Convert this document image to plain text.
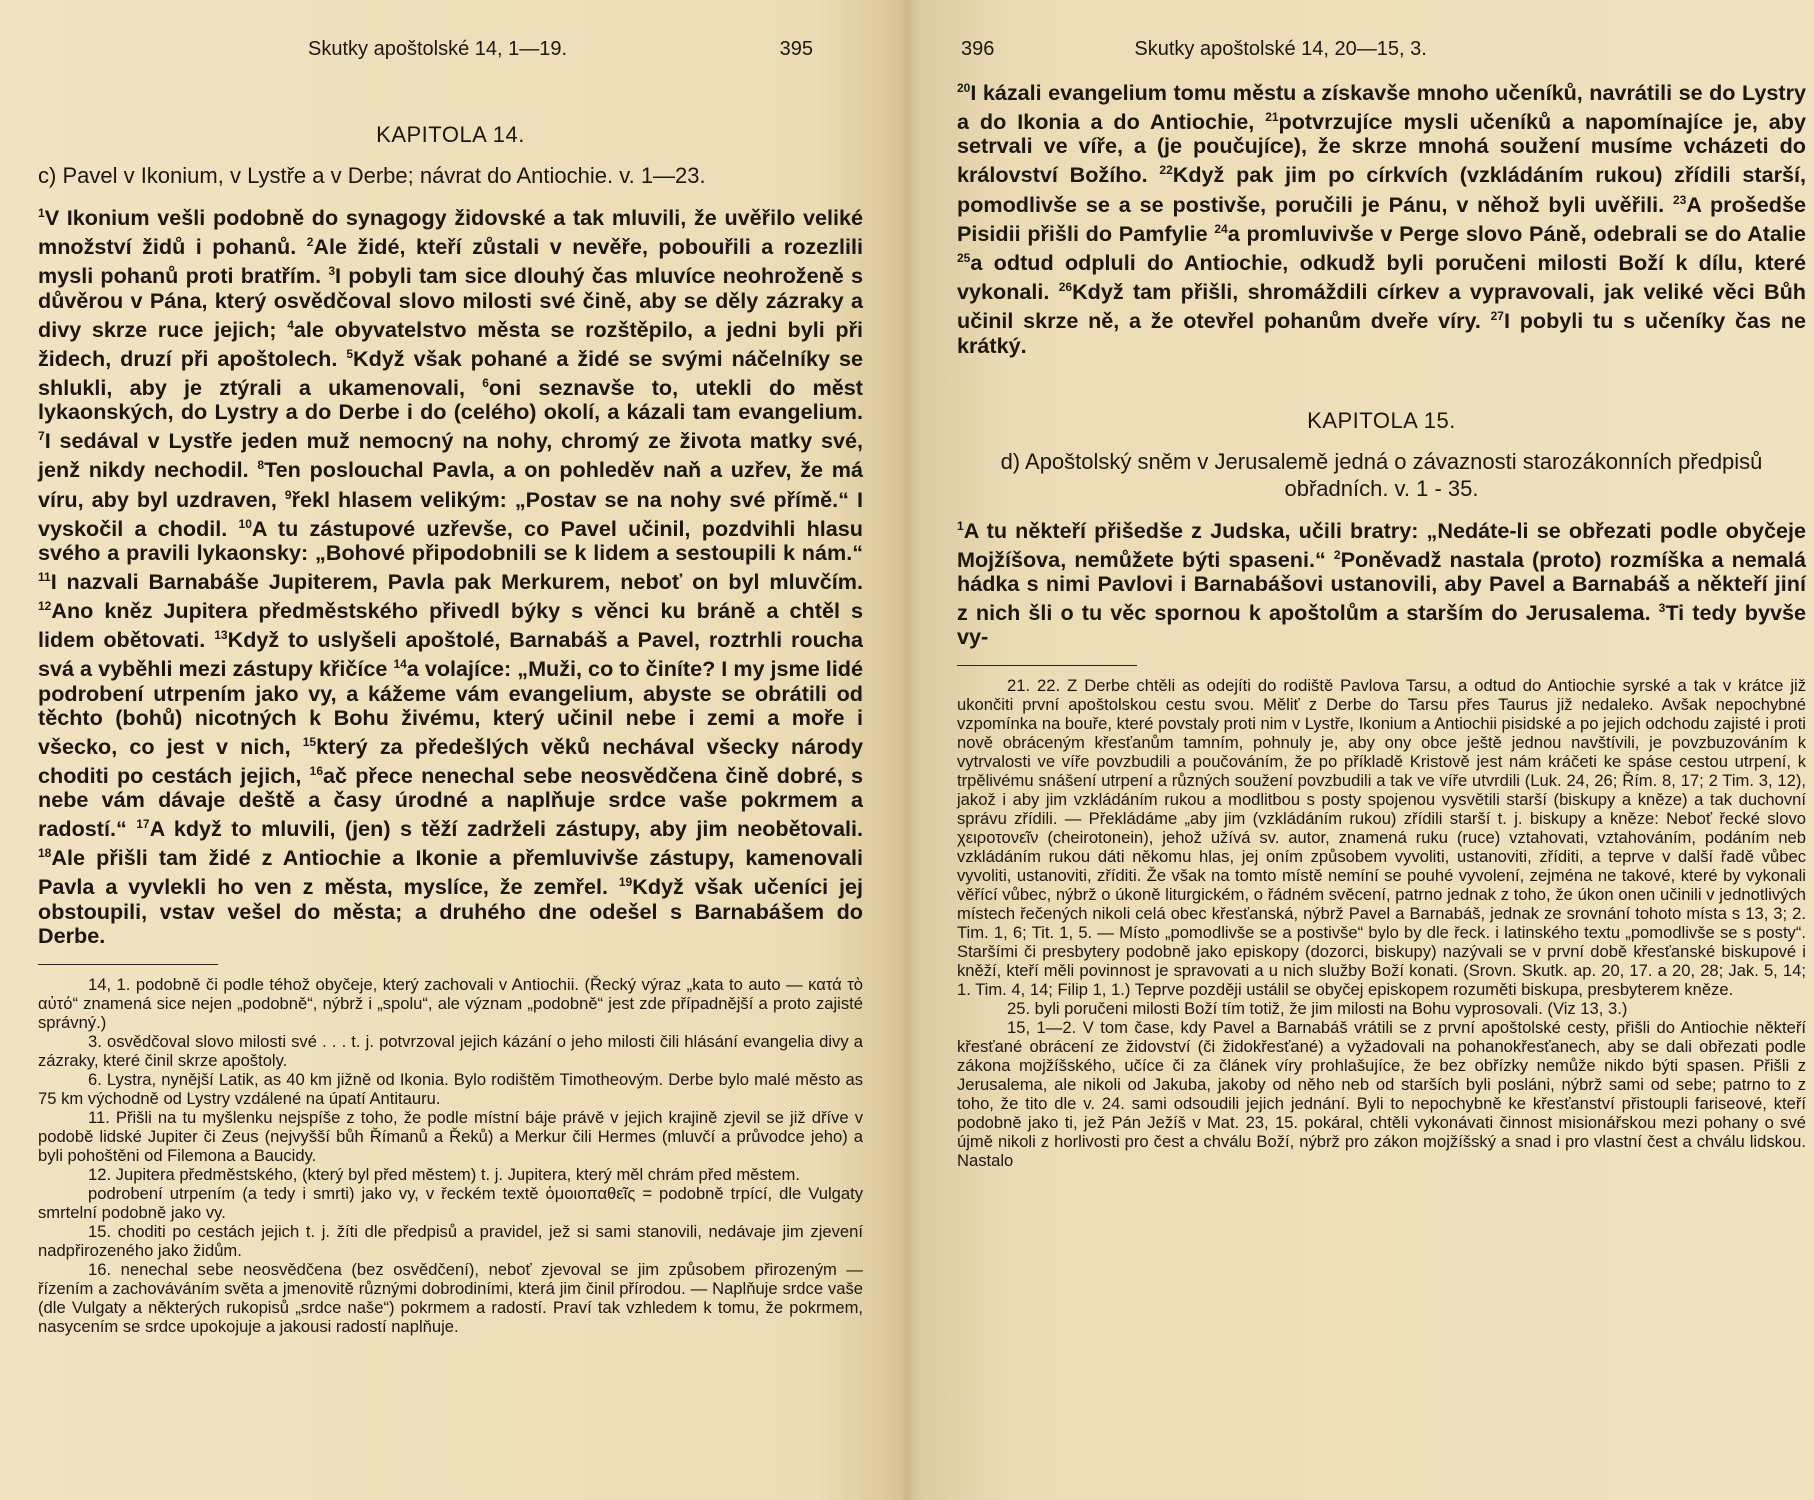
Skutky apoštolské 14, 1—19.	395
KAPITOLA 14.
c) Pavel v Ikonium, v Lystře a v Derbe; návrat do Antiochie. v. 1—23.
$^1$V Ikonium vešli podobně do synagogy židovské a tak mluvili, že uvěřilo veliké množství židů i pohanů. $^2$Ale židé, kteří zůstali v nevěře, pobouřili a rozezlili mysli pohanů proti bratřím. $^3$I pobyli tam sice dlouhý čas mluvíce neohroženě s důvěrou v Pána, který osvědčoval slovo milosti své čině, aby se děly zázraky a divy skrze ruce jejich; $^4$ale obyvatelstvo města se rozštěpilo, a jedni byli při židech, druzí při apoštolech. $^5$Když však pohané a židé se svými náčelníky se shlukli, aby je ztýrali a ukamenovali, $^6$oni seznavše to, utekli do měst lykaonských, do Lystry a do Derbe i do (celého) okolí, a kázali tam evangelium. $^7$I sedával v Lystře jeden muž nemocný na nohy, chromý ze života matky své, jenž nikdy nechodil. $^8$Ten poslouchal Pavla, a on pohleděv naň a uzřev, že má víru, aby byl uzdraven, $^9$řekl hlasem velikým: „Postav se na nohy své přímě.“ I vyskočil a chodil. $^{10}$A tu zástupové uzřevše, co Pavel učinil, pozdvihli hlasu svého a pravili lykaonsky: „Bohové připodobnili se k lidem a sestoupili k nám.“ $^{11}$I nazvali Barnabáše Jupiterem, Pavla pak Merkurem, neboť on byl mluvčím. $^{12}$Ano kněz Jupitera předměstského přivedl býky s věnci ku bráně a chtěl s lidem obětovati. $^{13}$Když to uslyšeli apoštolé, Barnabáš a Pavel, roztrhli roucha svá a vyběhli mezi zástupy křičíce $^{14}$a volajíce: „Muži, co to činíte? I my jsme lidé podrobení utrpením jako vy, a kážeme vám evangelium, abyste se obrátili od těchto (bohů) nicotných k Bohu živému, který učinil nebe i zemi a moře i všecko, co jest v nich, $^{15}$který za předešlých věků nechával všecky národy choditi po cestách jejich, $^{16}$ač přece nenechal sebe neosvědčena čině dobré, s nebe vám dávaje deště a časy úrodné a naplňuje srdce vaše pokrmem a radostí.“ $^{17}$A když to mluvili, (jen) s těží zadrželi zástupy, aby jim neobětovali. $^{18}$Ale přišli tam židé z Antiochie a Ikonie a přemluvivše zástupy, kamenovali Pavla a vyvlekli ho ven z města, myslíce, že zemřel. $^{19}$Když však učeníci jej obstoupili, vstav vešel do města; a druhého dne odešel s Barnabášem do Derbe.

14, 1. podobně či podle téhož obyčeje, který zachovali v Antiochii. (Řecký výraz „kata to auto — κατά τὸ αὐτό“ znamená sice nejen „podobně“, nýbrž i „spolu“, ale význam „podobně“ jest zde případnější a proto zajisté správný.)

3. osvědčoval slovo milosti své . . . t. j. potvrzoval jejich kázání o jeho milosti čili hlásání evangelia divy a zázraky, které činil skrze apoštoly.

6. Lystra, nynější Latik, as 40 km jižně od Ikonia. Bylo rodištěm Timotheovým. Derbe bylo malé město as 75 km východně od Lystry vzdálené na úpatí Antitauru.

11. Přišli na tu myšlenku nejspíše z toho, že podle místní báje právě v jejich krajině zjevil se již dříve v podobě lidské Jupiter či Zeus (nejvyšší bůh Římanů a Řeků) a Merkur čili Hermes (mluvčí a průvodce jeho) a byli pohoštěni od Filemona a Baucidy.

12. Jupitera předměstského, (který byl před městem) t. j. Jupitera, který měl chrám před městem.

podrobení utrpením (a tedy i smrti) jako vy, v řeckém textě ὁμοιοπαθεῖς = podobně trpící, dle Vulgaty smrtelní podobně jako vy.

15. choditi po cestách jejich t. j. žíti dle předpisů a pravidel, jež si sami stanovili, nedávaje jim zjevení nadpřirozeného jako židům.

16. nenechal sebe neosvědčena (bez osvědčení), neboť zjevoval se jim způsobem přirozeným — řízením a zachováváním světa a jmenovitě různými dobrodiními, která jim činil přírodou. — Naplňuje srdce vaše (dle Vulgaty a některých rukopisů „srdce naše“) pokrmem a radostí. Praví tak vzhledem k tomu, že pokrmem, nasycením se srdce upokojuje a jakousi radostí naplňuje.

396	Skutky apoštolské 14, 20—15, 3.
$^{20}$I kázali evangelium tomu městu a získavše mnoho učeníků, navrátili se do Lystry a do Ikonia a do Antiochie, $^{21}$potvrzujíce mysli učeníků a napomínajíce je, aby setrvali ve víře, a (je poučujíce), že skrze mnohá soužení musíme vcházeti do království Božího. $^{22}$Když pak jim po církvích (vzkládáním rukou) zřídili starší, pomodlivše se a se postivše, poručili je Pánu, v něhož byli uvěřili. $^{23}$A prošedše Pisidii přišli do Pamfylie $^{24}$a promluvivše v Perge slovo Páně, odebrali se do Atalie $^{25}$a odtud odpluli do Antiochie, odkudž byli poručeni milosti Boží k dílu, které vykonali. $^{26}$Když tam přišli, shromáždili církev a vypravovali, jak veliké věci Bůh učinil skrze ně, a že otevřel pohanům dveře víry. $^{27}$I pobyli tu s učeníky čas ne krátký.
KAPITOLA 15.
d) Apoštolský sněm v Jerusalemě jedná o závaznosti starozákonních předpisů obřadních. v. 1 - 35.
$^1$A tu někteří přišedše z Judska, učili bratry: „Nedáte-li se obřezati podle obyčeje Mojžíšova, nemůžete býti spaseni.“ $^2$Poněvadž nastala (proto) rozmíška a nemalá hádka s nimi Pavlovi i Barnabášovi ustanovili, aby Pavel a Barnabáš a někteří jiní z nich šli o tu věc spornou k apoštolům a starším do Jerusalema. $^3$Ti tedy byvše vy-

21. 22. Z Derbe chtěli as odejíti do rodiště Pavlova Tarsu, a odtud do Antiochie syrské a tak v krátce již ukončiti první apoštolskou cestu svou. Měliť z Derbe do Tarsu přes Taurus již nedaleko. Avšak nepochybné vzpomínka na bouře, které povstaly proti nim v Lystře, Ikonium a Antiochii pisidské a po jejich odchodu zajisté i proti nově obráceným křesťanům tamním, pohnuly je, aby ony obce ještě jednou navštívili, je povzbuzováním k vytrvalosti ve víře povzbudili a poučováním, že po příkladě Kristově jest nám kráčeti ke spáse cestou utrpení, k trpělivému snášení utrpení a různých soužení povzbudili a tak ve víře utvrdili (Luk. 24, 26; Řím. 8, 17; 2 Tim. 3, 12), jakož i aby jim vzkládáním rukou a modlitbou s posty spojenou vysvětili starší (biskupy a kněze) a tak duchovní správu zřídili. — Překládáme „aby jim (vzkládáním rukou) zřídili starší t. j. biskupy a kněze: Neboť řecké slovo χειροτονεῖν (cheirotonein), jehož užívá sv. autor, znamená ruku (ruce) vztahovati, vztahováním, podáním neb vzkládáním rukou dáti někomu hlas, jej oním způsobem vyvoliti, ustanoviti, zříditi, a teprve v další řadě vůbec vyvoliti, ustanoviti, zříditi. Že však na tomto místě nemíní se pouhé vyvolení, zejména ne takové, které by vykonali věřící vůbec, nýbrž o úkoně liturgickém, o řádném svěcení, patrno jednak z toho, že úkon onen učinili v jednotlivých místech řečených nikoli celá obec křesťanská, nýbrž Pavel a Barnabáš, jednak ze srovnání tohoto místa s 13, 3; 2. Tim. 1, 6; Tit. 1, 5. — Místo „pomodlivše se a postivše“ bylo by dle řeck. i latinského textu „pomodlivše se s posty“. Staršími či presbytery podobně jako episkopy (dozorci, biskupy) nazývali se v první době křesťanské biskupové i kněží, kteří měli povinnost je spravovati a u nich služby Boží konati. (Srovn. Skutk. ap. 20, 17. a 20, 28; Jak. 5, 14; 1. Tim. 4, 14; Filip 1, 1.) Teprve později ustálil se obyčej episkopem rozuměti biskupa, presbyterem kněze.

25. byli poručeni milosti Boží tím totiž, že jim milosti na Bohu vyprosovali. (Viz 13, 3.)

15, 1—2. V tom čase, kdy Pavel a Barnabáš vrátili se z první apoštolské cesty, přišli do Antiochie někteří křesťané obrácení ze židovství (či židokřesťané) a vyžadovali na pohanokřesťanech, aby se dali obřezati podle zákona mojžíšského, učíce či za článek víry prohlašujíce, že bez obřízky nemůže nikdo býti spasen. Přišli z Jerusalema, ale nikoli od Jakuba, jakoby od něho neb od starších byli posláni, nýbrž sami od sebe; patrno to z toho, že tito dle v. 24. sami odsoudili jejich jednání. Byli to nepochybně ke křesťanství přistoupli fariseové, kteří podobně jako ti, jež Pán Ježíš v Mat. 23, 15. pokáral, chtěli vykonávati činnost misionářskou mezi pohany o své újmě nikoli z horlivosti pro čest a chválu Boží, nýbrž pro zákon mojžíšský a snad i pro vlastní čest a chválu lidskou. Nastalo
